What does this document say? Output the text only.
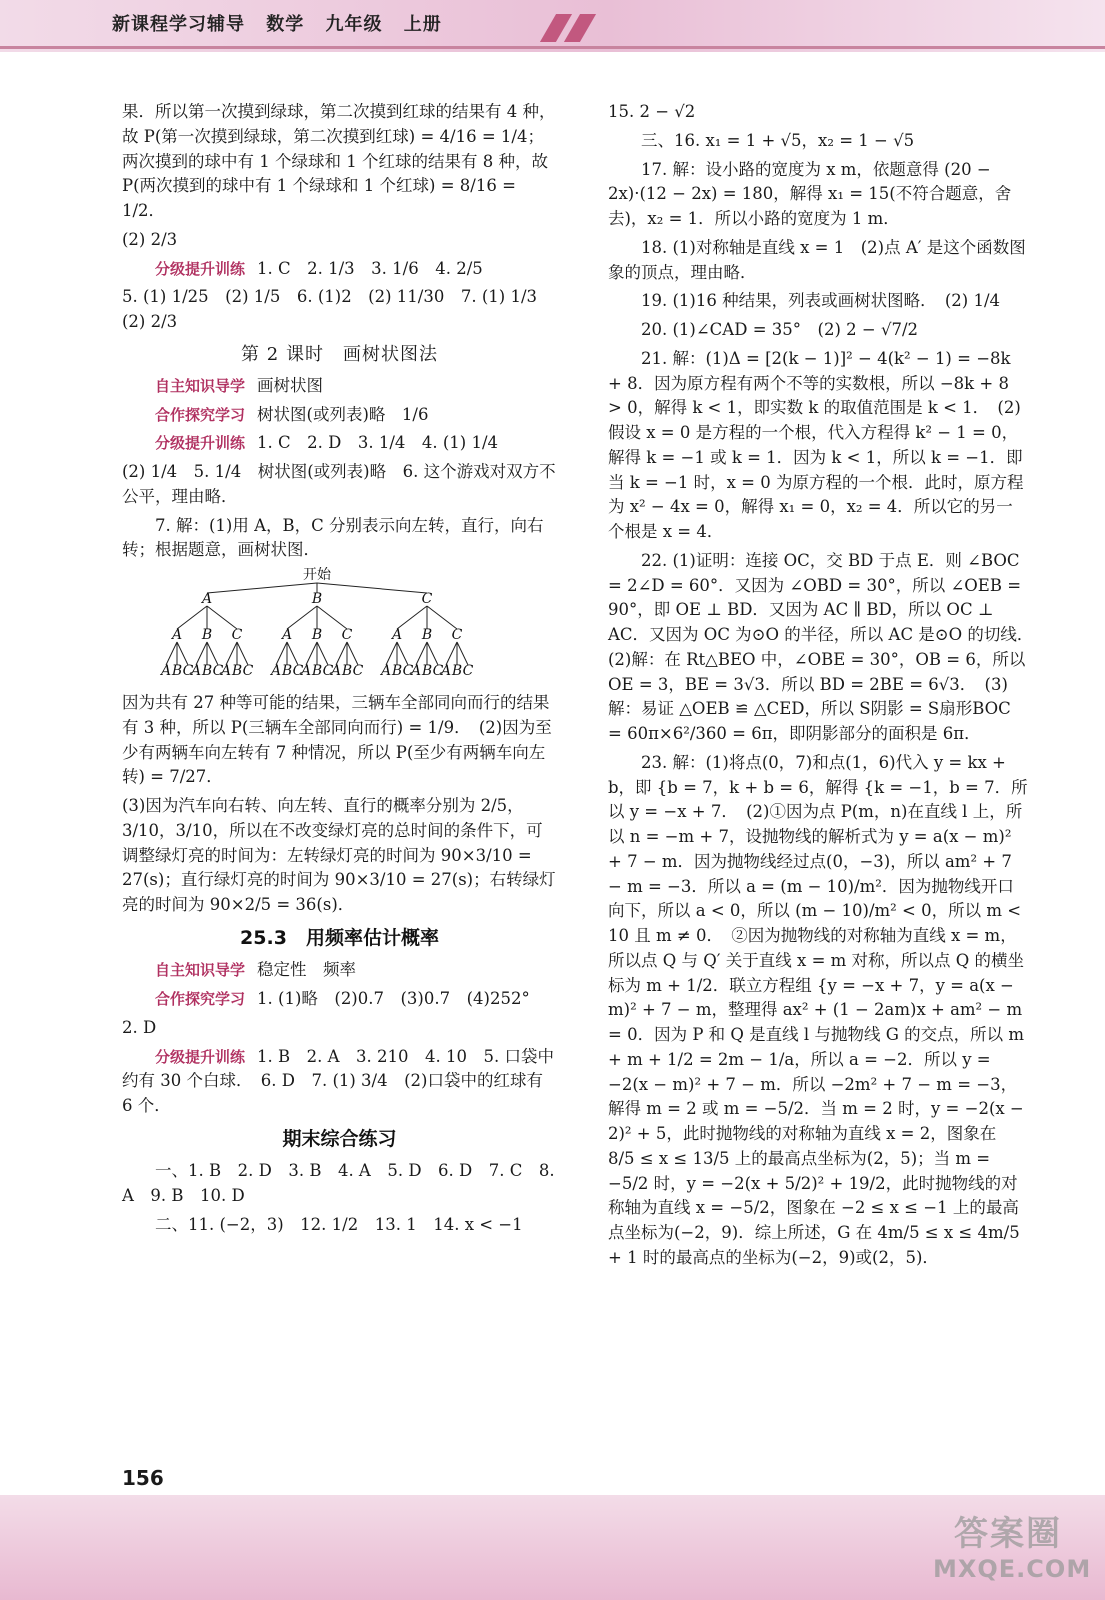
新课程学习辅导 数学 九年级 上册

果．所以第一次摸到绿球，第二次摸到红球的结果有 4 种，故 P(第一次摸到绿球，第二次摸到红球) = 4/16 = 1/4；两次摸到的球中有 1 个绿球和 1 个红球的结果有 8 种，故 P(两次摸到的球中有 1 个绿球和 1 个红球) = 8/16 = 1/2．

(2) 2/3

分级提升训练 1. C　2. 1/3　3. 1/6　4. 2/5

5. (1) 1/25　(2) 1/5　6. (1)2　(2) 11/30　7. (1) 1/3　(2) 2/3

第 2 课时　画树状图法

自主知识导学 画树状图

合作探究学习 树状图(或列表)略　1/6

分级提升训练 1. C　2. D　3. 1/4　4. (1) 1/4

(2) 1/4　5. 1/4　树状图(或列表)略　6. 这个游戏对双方不公平，理由略．

7. 解：(1)用 A，B，C 分别表示向左转，直行，向右转；根据题意，画树状图．

开始
A
A
A B C
B
A B C
C
A B C
B
A
A B C
B
A B C
C
A B C
C
A
A B C
B
A B C
C
A B C

因为共有 27 种等可能的结果，三辆车全部同向而行的结果有 3 种，所以 P(三辆车全部同向而行) = 1/9．　(2)因为至少有两辆车向左转有 7 种情况，所以 P(至少有两辆车向左转) = 7/27．

(3)因为汽车向右转、向左转、直行的概率分别为 2/5，3/10，3/10，所以在不改变绿灯亮的总时间的条件下，可调整绿灯亮的时间为：左转绿灯亮的时间为 90×3/10 = 27(s)；直行绿灯亮的时间为 90×3/10 = 27(s)；右转绿灯亮的时间为 90×2/5 = 36(s)．

25.3　 用频率估计概率

自主知识导学 稳定性　频率

合作探究学习 1. (1)略　(2)0.7　(3)0.7　(4)252°

2. D

分级提升训练 1. B　2. A　3. 210　4. 10　5. 口袋中约有 30 个白球．　6. D　7. (1) 3/4　(2)口袋中的红球有 6 个．

期末综合练习

一、1. B　2. D　3. B　4. A　5. D　6. D　7. C　8. A　9. B　10. D

二、11. (−2，3)　12. 1/2　13. 1　14. x < −1

15. 2 − √2

三、16. x₁ = 1 + √5，x₂ = 1 − √5

17. 解：设小路的宽度为 x m，依题意得 (20 − 2x)·(12 − 2x) = 180，解得 x₁ = 15(不符合题意，舍去)，x₂ = 1．所以小路的宽度为 1 m．

18. (1)对称轴是直线 x = 1　(2)点 A′ 是这个函数图象的顶点，理由略．

19. (1)16 种结果，列表或画树状图略．　(2) 1/4

20. (1)∠CAD = 35°　(2) 2 − √7/2

21. 解：(1)Δ = [2(k − 1)]² − 4(k² − 1) = −8k + 8．因为原方程有两个不等的实数根，所以 −8k + 8 > 0，解得 k < 1，即实数 k 的取值范围是 k < 1．　(2)假设 x = 0 是方程的一个根，代入方程得 k² − 1 = 0，解得 k = −1 或 k = 1．因为 k < 1，所以 k = −1．即当 k = −1 时，x = 0 为原方程的一个根．此时，原方程为 x² − 4x = 0，解得 x₁ = 0，x₂ = 4．所以它的另一个根是 x = 4．

22. (1)证明：连接 OC，交 BD 于点 E．则 ∠BOC = 2∠D = 60°．又因为 ∠OBD = 30°，所以 ∠OEB = 90°，即 OE ⊥ BD．又因为 AC ∥ BD，所以 OC ⊥ AC．又因为 OC 为⊙O 的半径，所以 AC 是⊙O 的切线．　(2)解：在 Rt△BEO 中，∠OBE = 30°，OB = 6，所以 OE = 3，BE = 3√3．所以 BD = 2BE = 6√3．　(3)解：易证 △OEB ≌ △CED，所以 S阴影 = S扇形BOC = 60π×6²/360 = 6π，即阴影部分的面积是 6π．

23. 解：(1)将点(0，7)和点(1，6)代入 y = kx + b，即 {b = 7，k + b = 6，解得 {k = −1，b = 7．所以 y = −x + 7．　(2)①因为点 P(m，n)在直线 l 上，所以 n = −m + 7，设抛物线的解析式为 y = a(x − m)² + 7 − m．因为抛物线经过点(0，−3)，所以 am² + 7 − m = −3．所以 a = (m − 10)/m²．因为抛物线开口向下，所以 a < 0，所以 (m − 10)/m² < 0，所以 m < 10 且 m ≠ 0．　②因为抛物线的对称轴为直线 x = m，所以点 Q 与 Q′ 关于直线 x = m 对称，所以点 Q 的横坐标为 m + 1/2．联立方程组 {y = −x + 7，y = a(x − m)² + 7 − m，整理得 ax² + (1 − 2am)x + am² − m = 0．因为 P 和 Q 是直线 l 与抛物线 G 的交点，所以 m + m + 1/2 = 2m − 1/a，所以 a = −2．所以 y = −2(x − m)² + 7 − m．所以 −2m² + 7 − m = −3，解得 m = 2 或 m = −5/2．当 m = 2 时，y = −2(x − 2)² + 5，此时抛物线的对称轴为直线 x = 2，图象在 8/5 ≤ x ≤ 13/5 上的最高点坐标为(2，5)；当 m = −5/2 时，y = −2(x + 5/2)² + 19/2，此时抛物线的对称轴为直线 x = −5/2，图象在 −2 ≤ x ≤ −1 上的最高点坐标为(−2，9)．综上所述，G 在 4m/5 ≤ x ≤ 4m/5 + 1 时的最高点的坐标为(−2，9)或(2，5)．

156
答案圈
MXQE.COM
